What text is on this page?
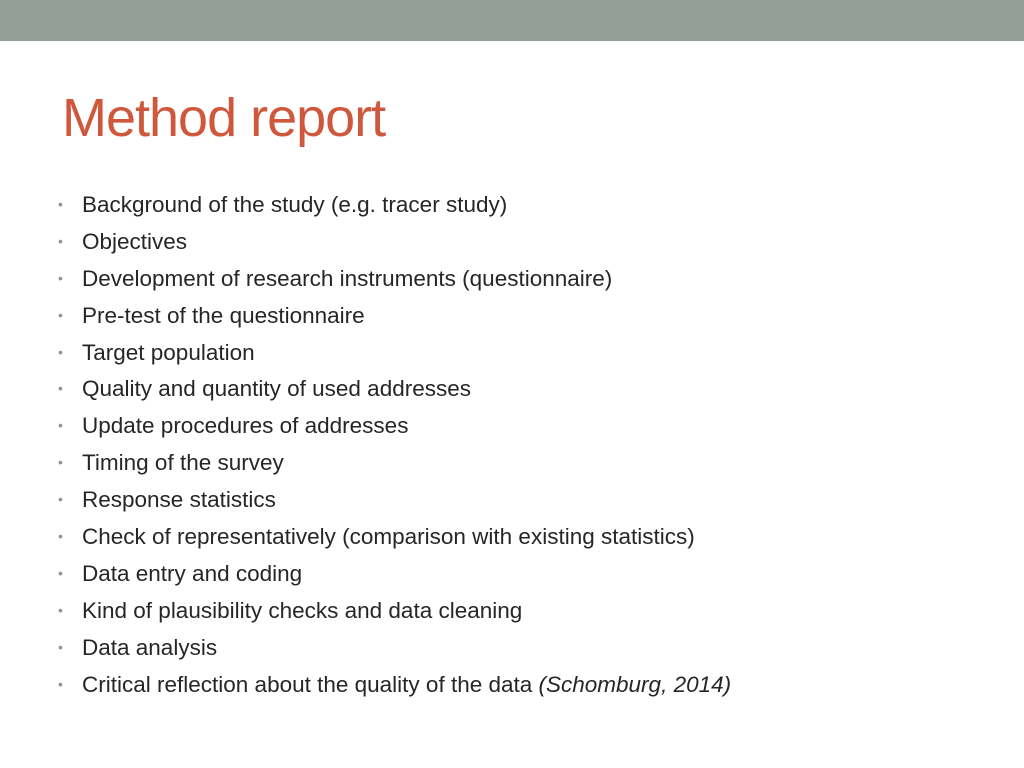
Method report
• Background of the study (e.g. tracer study)
• Objectives
• Development of research instruments (questionnaire)
• Pre-test of the questionnaire
• Target population
• Quality and quantity of used addresses
• Update procedures of addresses
• Timing of the survey
• Response statistics
• Check of representatively (comparison with existing statistics)
• Data entry and coding
• Kind of plausibility checks and data cleaning
• Data analysis
• Critical reflection about the quality of the data (Schomburg, 2014)
